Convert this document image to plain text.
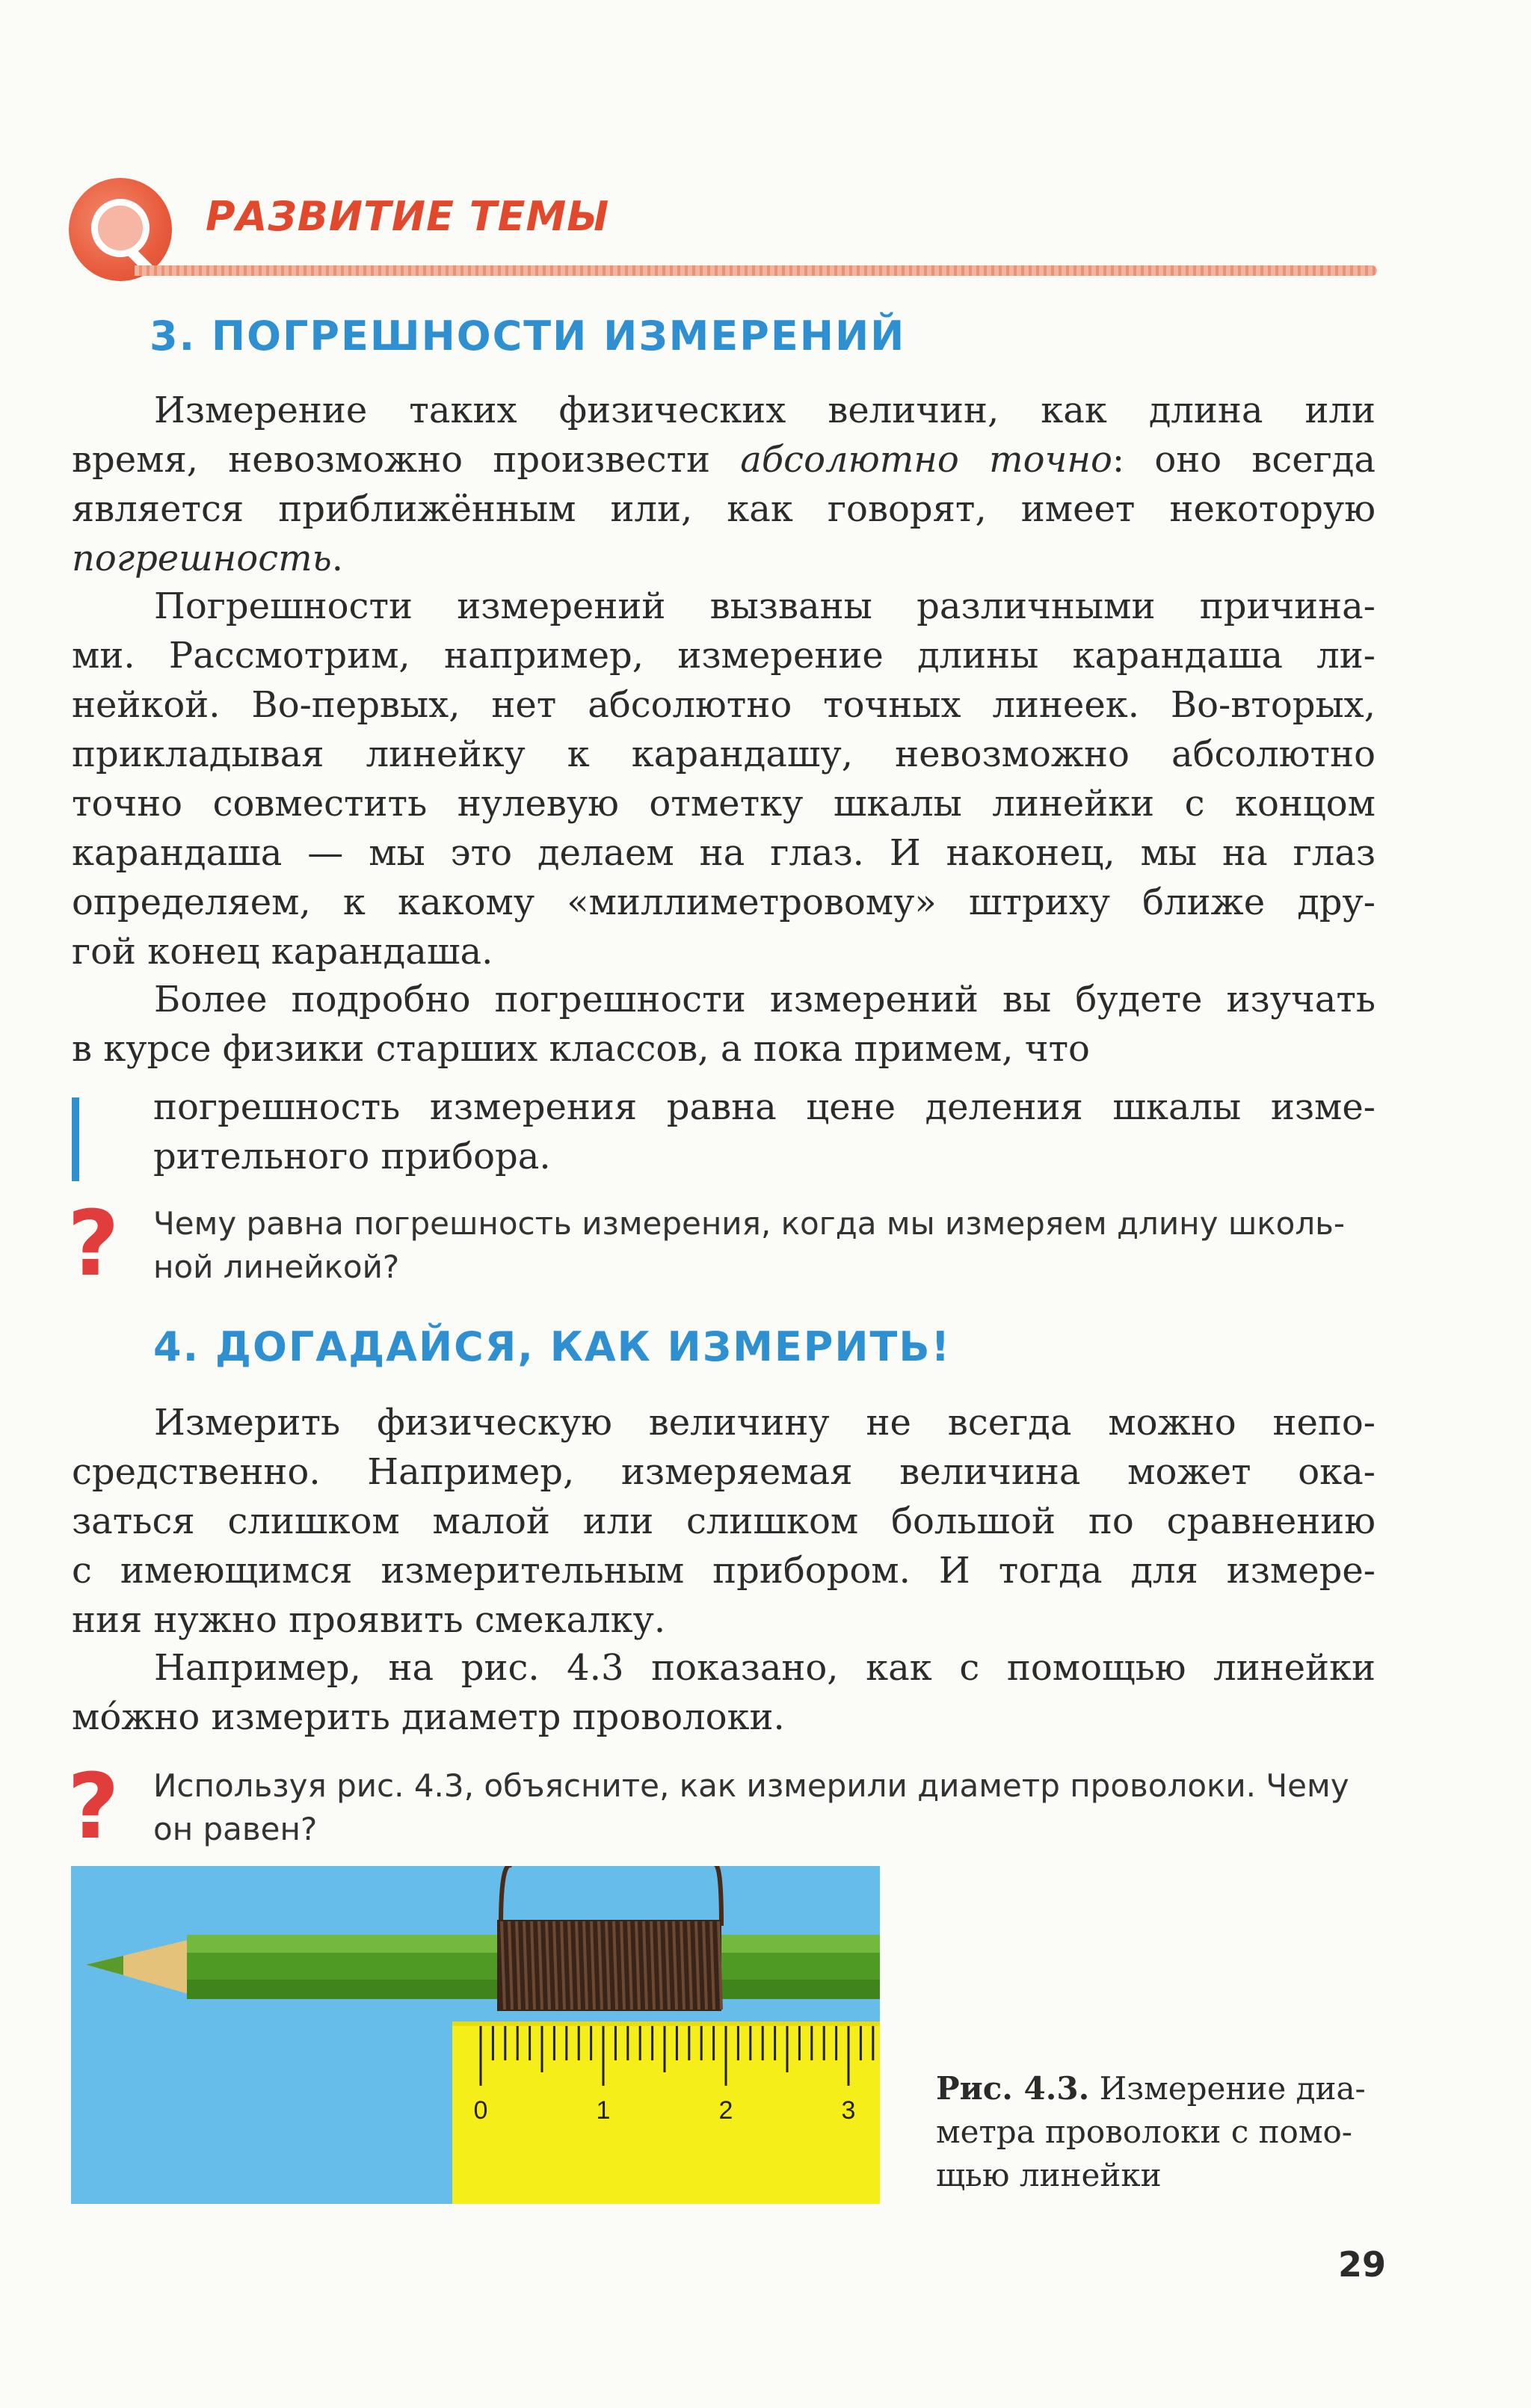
РАЗВИТИЕ ТЕМЫ
3. ПОГРЕШНОСТИ ИЗМЕРЕНИЙ
Измерение таких физических величин, как длина или
время, невозможно произвести абсолютно точно: оно всегда
является приближённым или, как говорят, имеет некоторую
погрешность.
Погрешности измерений вызваны различными причина-
ми. Рассмотрим, например, измерение длины карандаша ли-
нейкой. Во-первых, нет абсолютно точных линеек. Во-вторых,
прикладывая линейку к карандашу, невозможно абсолютно
точно совместить нулевую отметку шкалы линейки с концом
карандаша — мы это делаем на глаз. И наконец, мы на глаз
определяем, к какому «миллиметровому» штриху ближе дру-
гой конец карандаша.
Более подробно погрешности измерений вы будете изучать
в курсе физики старших классов, а пока примем, что
погрешность измерения равна цене деления шкалы изме-
рительного прибора.
? Чему равна погрешность измерения, когда мы измеряем длину школь-
ной линейкой?
4. ДОГАДАЙСЯ, КАК ИЗМЕРИТЬ!
Измерить физическую величину не всегда можно непо-
средственно. Например, измеряемая величина может ока-
заться слишком малой или слишком большой по сравнению
с имеющимся измерительным прибором. И тогда для измере-
ния нужно проявить смекалку.
Например, на рис. 4.3 показано, как с помощью линейки
мóжно измерить диаметр проволоки.
? Используя рис. 4.3, объясните, как измерили диаметр проволоки. Чему
он равен?
0	1	2	3
Рис. 4.3. Измерение диа-
метра проволоки с помо-
щью линейки
29
